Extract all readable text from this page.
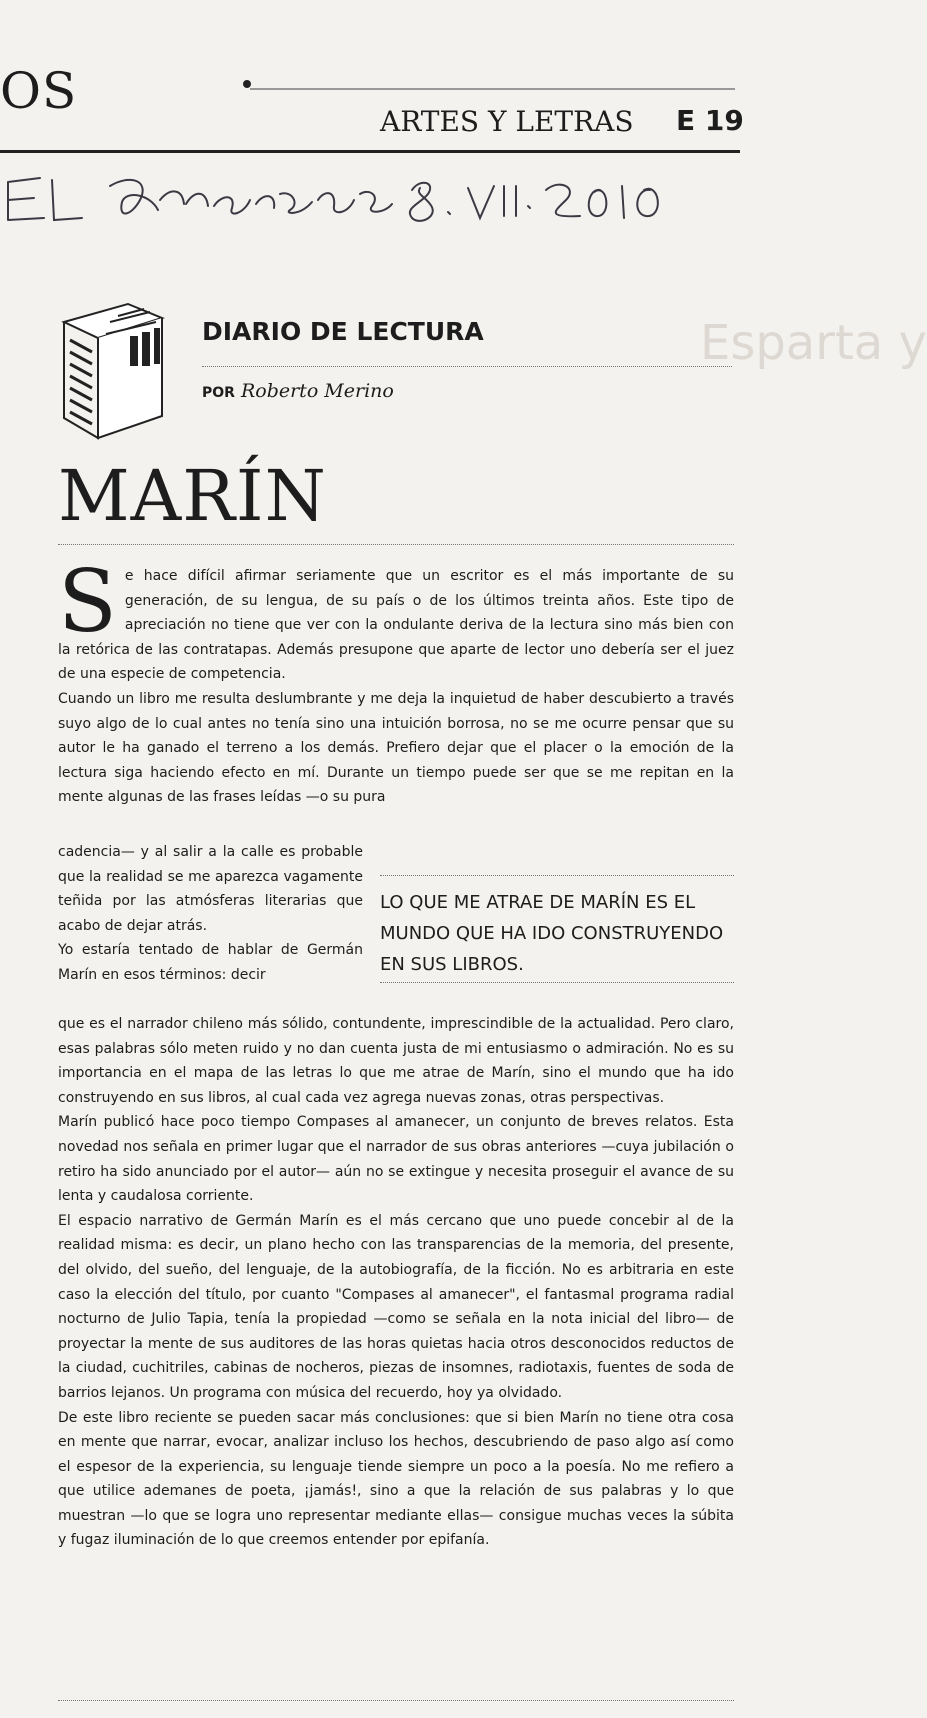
OS
ARTES Y LETRAS E 19
Esparta y
DIARIO DE LECTURA
POR Roberto Merino
MARÍN
S e hace difícil afirmar seriamente que un escritor es el más importante de su generación, de su lengua, de su país o de los últimos treinta años. Este tipo de apreciación no tiene que ver con la ondulante deriva de la lectura sino más bien con la retórica de las contratapas. Además presupone que aparte de lector uno debería ser el juez de una especie de competencia.

Cuando un libro me resulta deslumbrante y me deja la inquietud de haber descubierto a través suyo algo de lo cual antes no tenía sino una intuición borrosa, no se me ocurre pensar que su autor le ha ganado el terreno a los demás. Prefiero dejar que el placer o la emoción de la lectura siga haciendo efecto en mí. Durante un tiempo puede ser que se me repitan en la mente algunas de las frases leídas —o su pura

cadencia— y al salir a la calle es probable que la realidad se me aparezca vagamente teñida por las atmósferas literarias que acabo de dejar atrás.

Yo estaría tentado de hablar de Germán Marín en esos términos: decir

LO QUE ME ATRAE DE MARÍN ES EL MUNDO QUE HA IDO CONSTRUYENDO EN SUS LIBROS.

que es el narrador chileno más sólido, contundente, imprescindible de la actualidad. Pero claro, esas palabras sólo meten ruido y no dan cuenta justa de mi entusiasmo o admiración. No es su importancia en el mapa de las letras lo que me atrae de Marín, sino el mundo que ha ido construyendo en sus libros, al cual cada vez agrega nuevas zonas, otras perspectivas.

Marín publicó hace poco tiempo Compases al amanecer, un conjunto de breves relatos. Esta novedad nos señala en primer lugar que el narrador de sus obras anteriores —cuya jubilación o retiro ha sido anunciado por el autor— aún no se extingue y necesita proseguir el avance de su lenta y caudalosa corriente.

El espacio narrativo de Germán Marín es el más cercano que uno puede concebir al de la realidad misma: es decir, un plano hecho con las transparencias de la memoria, del presente, del olvido, del sueño, del lenguaje, de la autobiografía, de la ficción. No es arbitraria en este caso la elección del título, por cuanto "Compases al amanecer", el fantasmal programa radial nocturno de Julio Tapia, tenía la propiedad —como se señala en la nota inicial del libro— de proyectar la mente de sus auditores de las horas quietas hacia otros desconocidos reductos de la ciudad, cuchitriles, cabinas de nocheros, piezas de insomnes, radiotaxis, fuentes de soda de barrios lejanos. Un programa con música del recuerdo, hoy ya olvidado.

De este libro reciente se pueden sacar más conclusiones: que si bien Marín no tiene otra cosa en mente que narrar, evocar, analizar incluso los hechos, descubriendo de paso algo así como el espesor de la experiencia, su lenguaje tiende siempre un poco a la poesía. No me refiero a que utilice ademanes de poeta, ¡jamás!, sino a que la relación de sus palabras y lo que muestran —lo que se logra uno representar mediante ellas— consigue muchas veces la súbita y fugaz iluminación de lo que creemos entender por epifanía.
